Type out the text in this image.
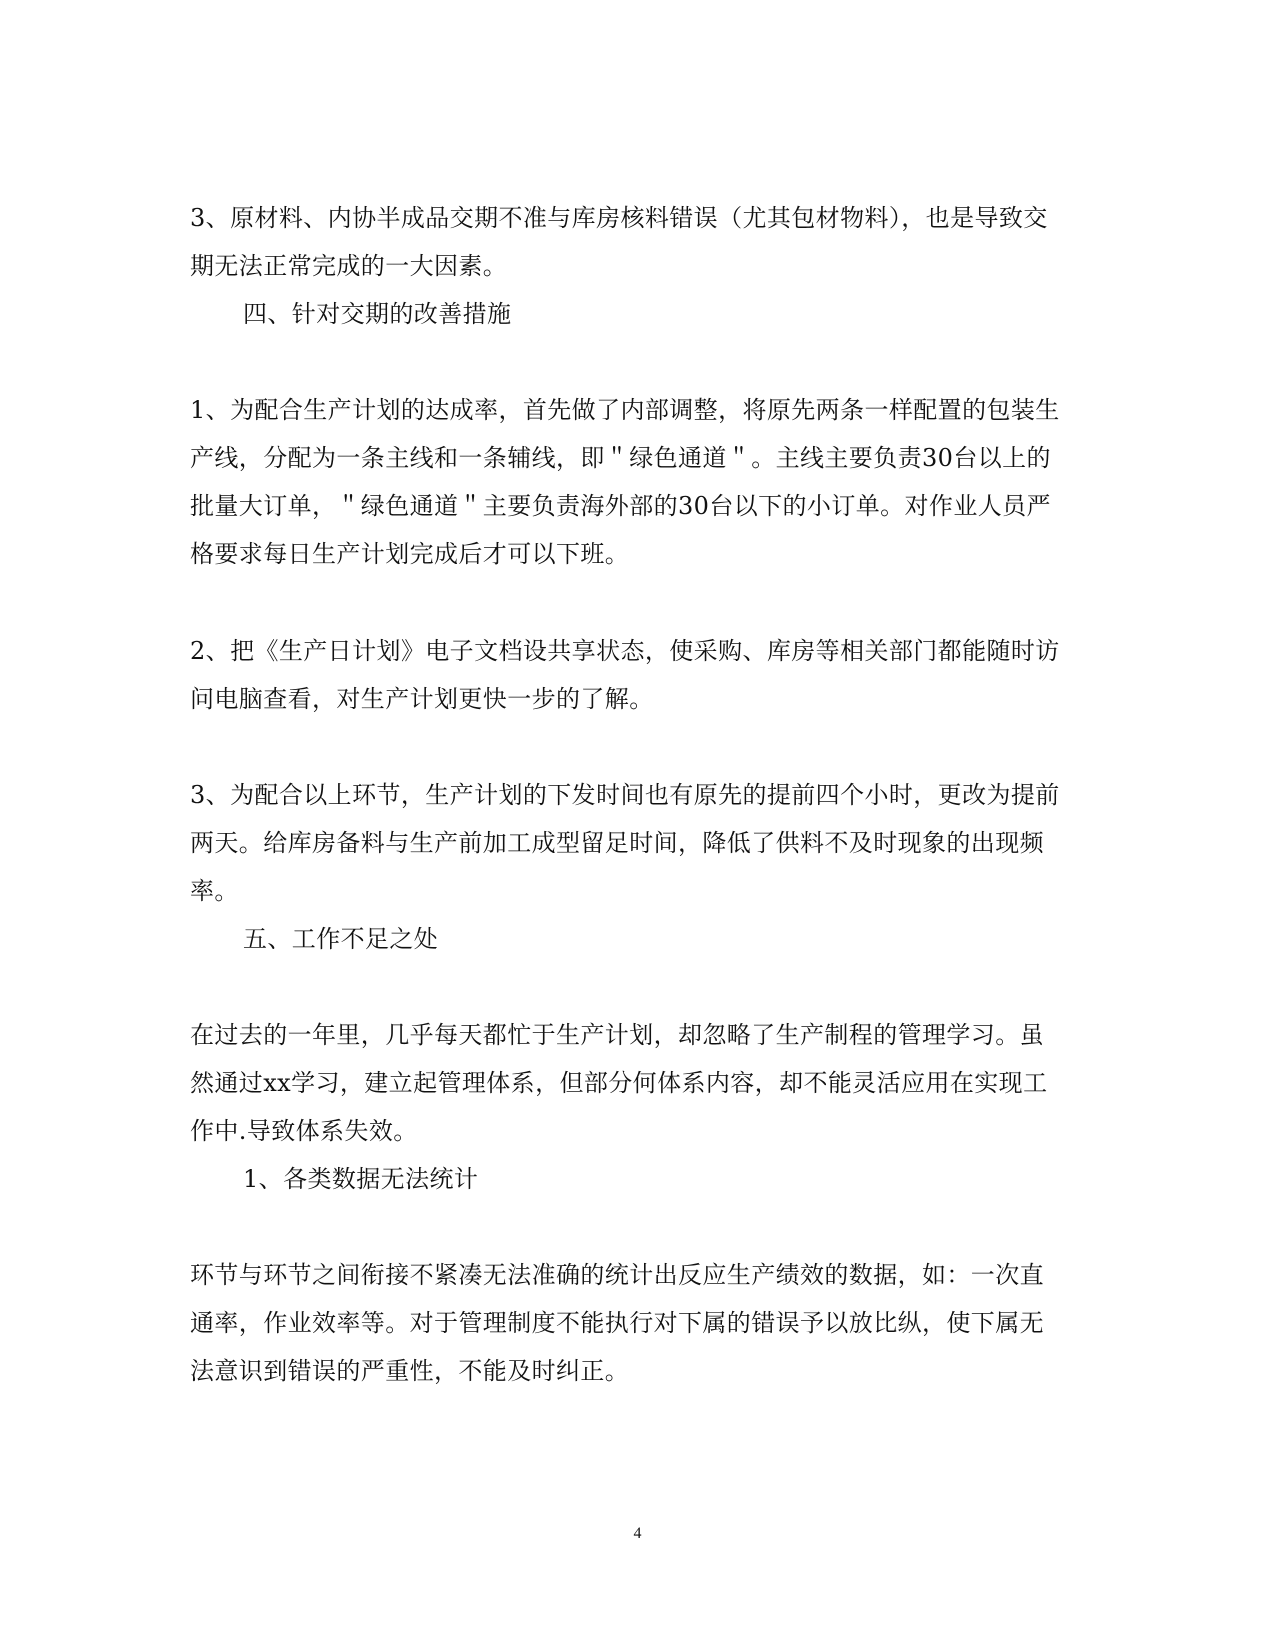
3、原材料、内协半成品交期不准与库房核料错误（尤其包材物料），也是导致交
期无法正常完成的一大因素。
四、针对交期的改善措施
1、为配合生产计划的达成率，首先做了内部调整，将原先两条一样配置的包装生
产线，分配为一条主线和一条辅线，即＂绿色通道＂。主线主要负责30台以上的
批量大订单，＂绿色通道＂主要负责海外部的30台以下的小订单。对作业人员严
格要求每日生产计划完成后才可以下班。
2、把《生产日计划》电子文档设共享状态，使采购、库房等相关部门都能随时访
问电脑查看，对生产计划更快一步的了解。
3、为配合以上环节，生产计划的下发时间也有原先的提前四个小时，更改为提前
两天。给库房备料与生产前加工成型留足时间，降低了供料不及时现象的出现频
率。
五、工作不足之处
在过去的一年里，几乎每天都忙于生产计划，却忽略了生产制程的管理学习。虽
然通过xx学习，建立起管理体系，但部分何体系内容，却不能灵活应用在实现工
作中.导致体系失效。
1、各类数据无法统计
环节与环节之间衔接不紧凑无法准确的统计出反应生产绩效的数据，如：一次直
通率，作业效率等。对于管理制度不能执行对下属的错误予以放比纵，使下属无
法意识到错误的严重性，不能及时纠正。
4
